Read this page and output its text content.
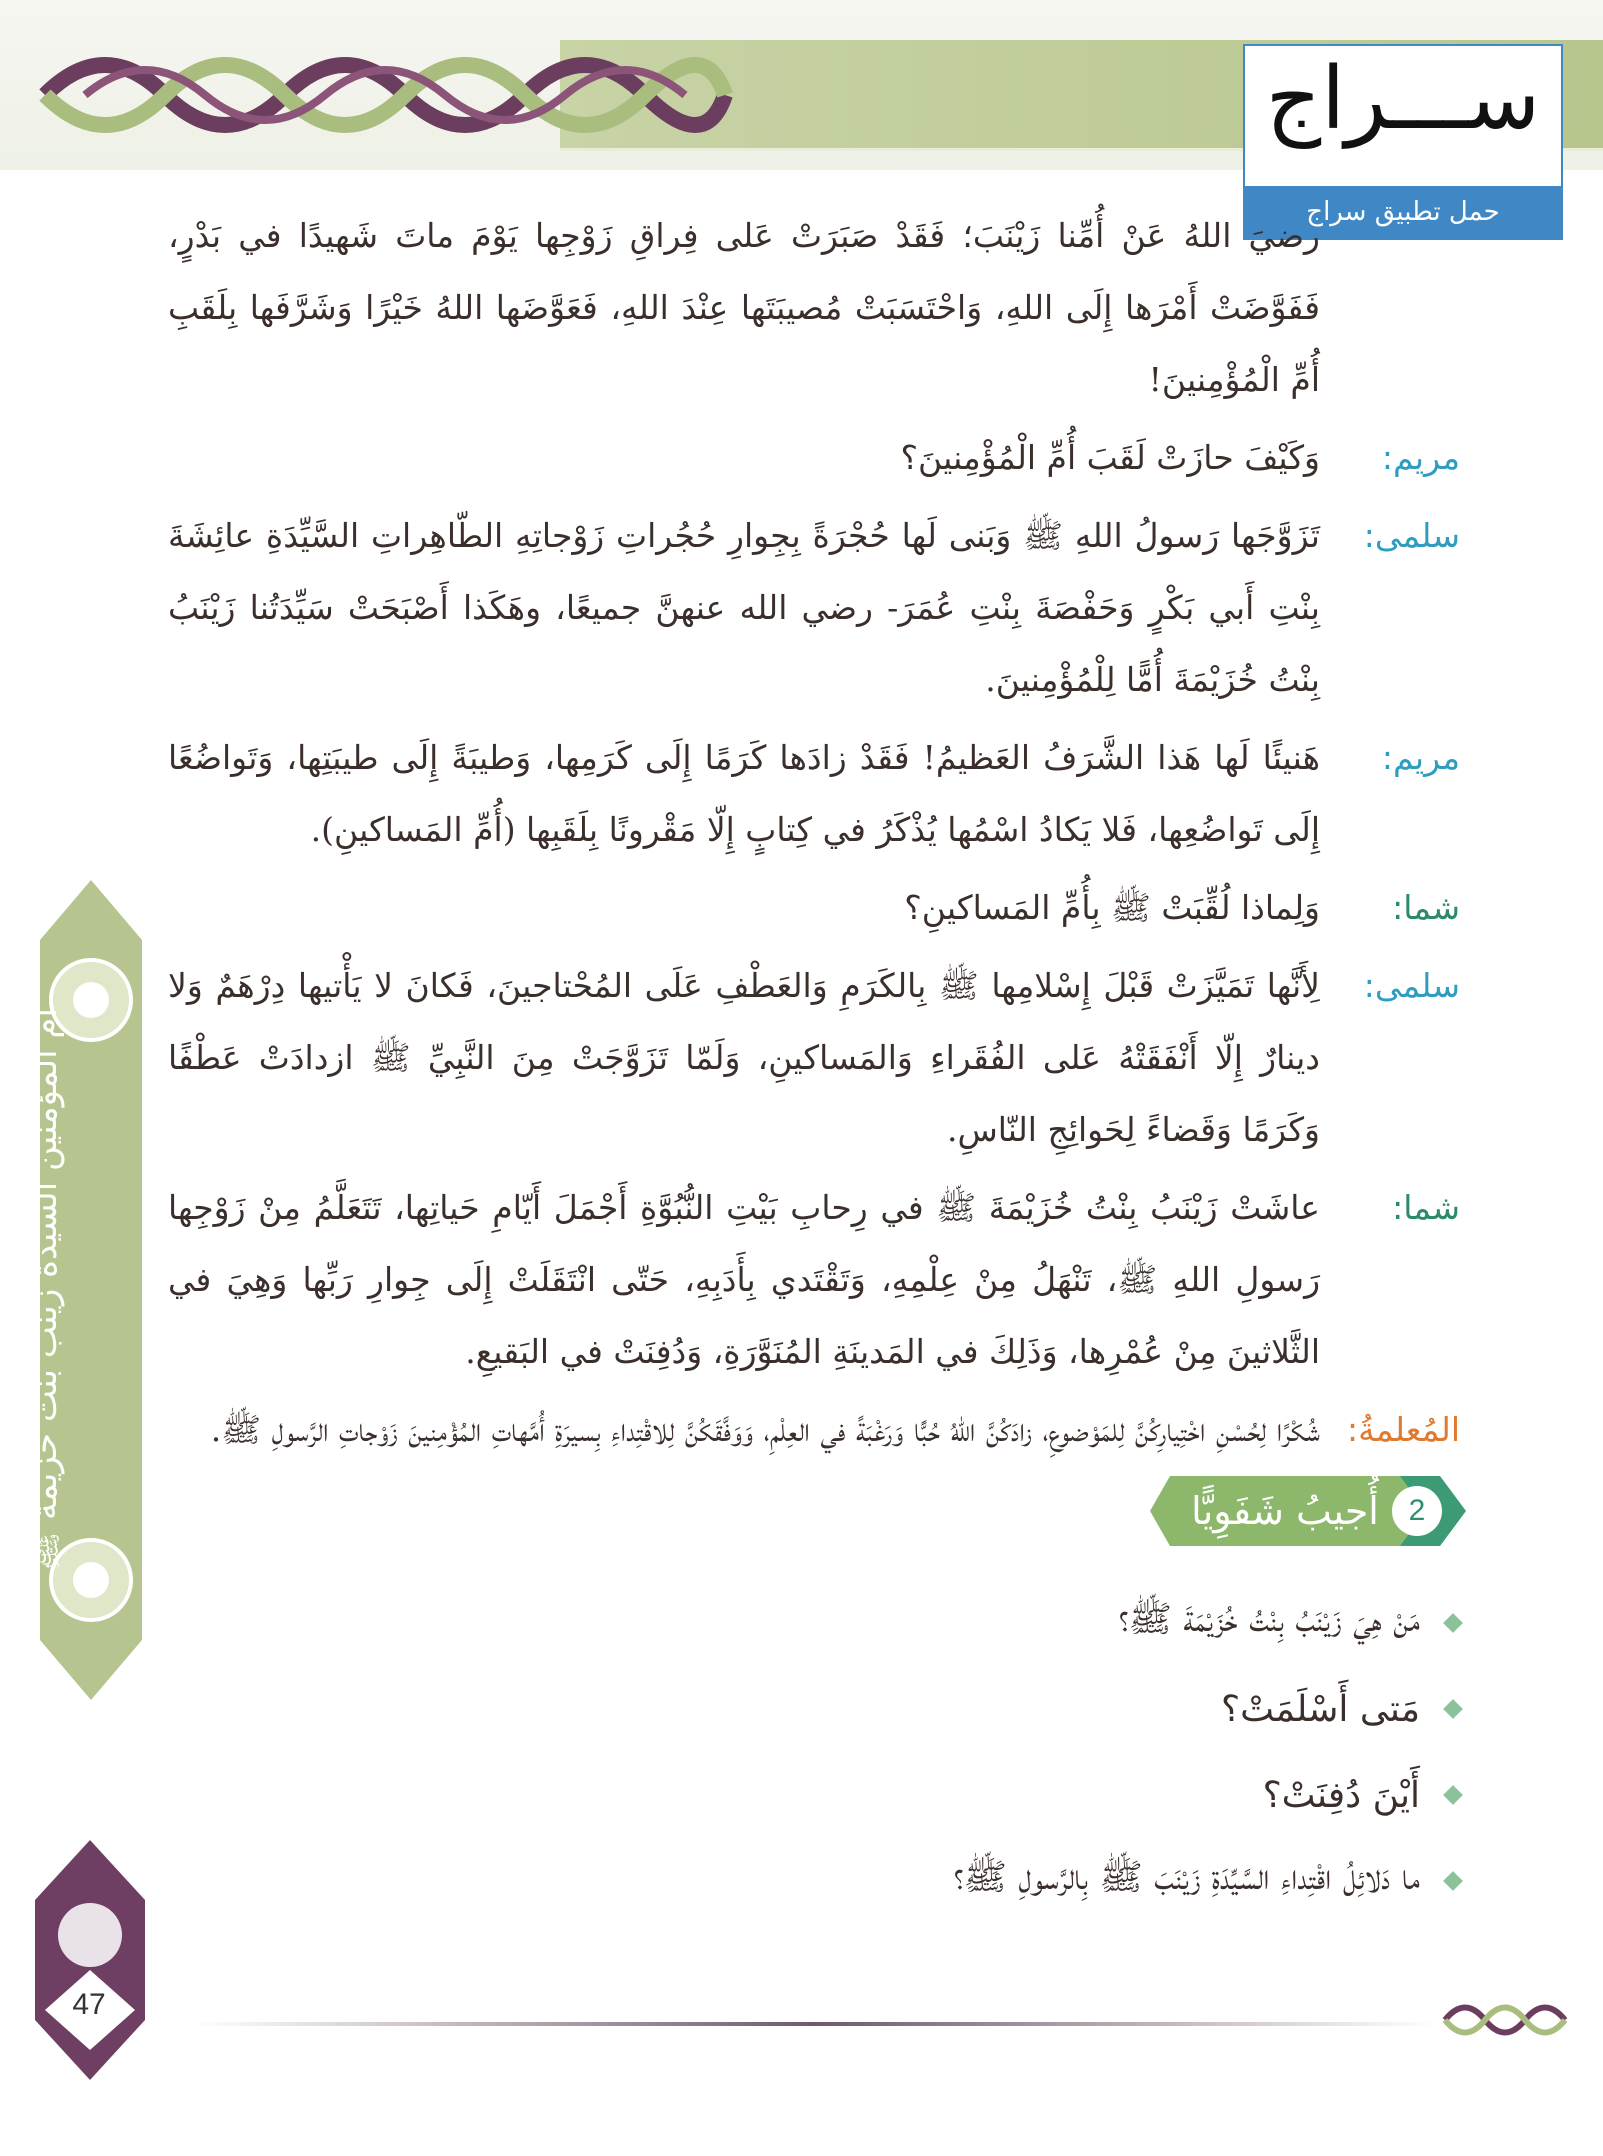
ســـراج
حمل تطبيق سراج
أم المؤمنين السيدة زينب بنت خزيمة ﷺ
47
رضيَ اللهُ عَنْ أُمِّنا زَيْنَبَ؛ فَقَدْ صَبَرَتْ عَلى فِراقِ زَوْجِها يَوْمَ ماتَ شَهيدًا في بَدْرٍ، فَفَوَّضَتْ أَمْرَها إِلَى اللهِ، وَاحْتَسَبَتْ مُصيبَتَها عِنْدَ اللهِ، فَعَوَّضَها اللهُ خَيْرًا وَشَرَّفَها بِلَقَبِ أُمِّ الْمُؤْمِنينَ!
مريم:
وَكَيْفَ حازَتْ لَقَبَ أُمِّ الْمُؤْمِنينَ؟
سلمى:
تَزَوَّجَها رَسولُ اللهِ ﷺ وَبَنى لَها حُجْرَةً بِجِوارِ حُجُراتِ زَوْجاتِهِ الطّاهِراتِ السَّيِّدَةِ عائِشَةَ بِنْتِ أَبي بَكْرٍ وَحَفْصَةَ بِنْتِ عُمَرَ- رضي الله عنهنَّ جميعًا، وهَكَذا أَصْبَحَتْ سَيِّدَتُنا زَيْنَبُ بِنْتُ خُزَيْمَةَ أُمًّا لِلْمُؤْمِنينَ.
مريم:
هَنيئًا لَها هَذا الشَّرَفُ العَظيمُ! فَقَدْ زادَها كَرَمًا إِلَى كَرَمِها، وَطيبَةً إِلَى طيبَتِها، وَتَواضُعًا إِلَى تَواضُعِها، فَلا يَكادُ اسْمُها يُذْكَرُ في كِتابٍ إِلّا مَقْرونًا بِلَقَبِها (أُمِّ المَساكينِ).
شما:
وَلِماذا لُقِّبَتْ ﷺ بِأُمِّ المَساكينِ؟
سلمى:
لِأَنَّها تَمَيَّزَتْ قَبْلَ إِسْلامِها ﷺ بِالكَرَمِ وَالعَطْفِ عَلَى المُحْتاجينَ، فَكانَ لا يَأْتيها دِرْهَمٌ وَلا دينارٌ إِلّا أَنْفَقَتْهُ عَلى الفُقَراءِ وَالمَساكينِ، وَلَمّا تَزَوَّجَتْ مِنَ النَّبِيِّ ﷺ ازدادَتْ عَطْفًا وَكَرَمًا وَقَضاءً لِحَوائِجِ النّاسِ.
شما:
عاشَتْ زَيْنَبُ بِنْتُ خُزَيْمَةَ ﷺ في رِحابِ بَيْتِ النُّبُوَّةِ أَجْمَلَ أَيّامِ حَياتِها، تَتَعَلَّمُ مِنْ زَوْجِها رَسولِ اللهِ ﷺ، تَنْهَلُ مِنْ عِلْمِهِ، وَتَقْتَدي بِأَدَبِهِ، حَتّى انْتَقَلَتْ إِلَى جِوارِ رَبِّها وَهِيَ في الثَّلاثينَ مِنْ عُمْرِها، وَذَلِكَ في المَدينَةِ المُنَوَّرَةِ، وَدُفِنَتْ في البَقيعِ.
المُعلمةُ:
شُكْرًا لِحُسْنِ اخْتِيارِكُنَّ لِلمَوْضوعِ، زادَكُنَّ اللهُ حُبًّا وَرَغْبَةً في العِلْمِ، وَوَفَّقَكُنَّ لِلاقْتِداءِ بِسيرَةِ أُمَّهاتِ المُؤْمِنينَ زَوْجاتِ الرَّسولِ ﷺ.
أُجيبُ شَفَوِيًّا 2
مَنْ هِيَ زَيْنَبُ بِنْتُ خُزَيْمَةَ ﷺ؟
مَتى أَسْلَمَتْ؟
أَيْنَ دُفِنَتْ؟
ما دَلائِلُ اقْتِداءِ السَّيِّدَةِ زَيْنَبَ ﷺ بِالرَّسولِ ﷺ؟
